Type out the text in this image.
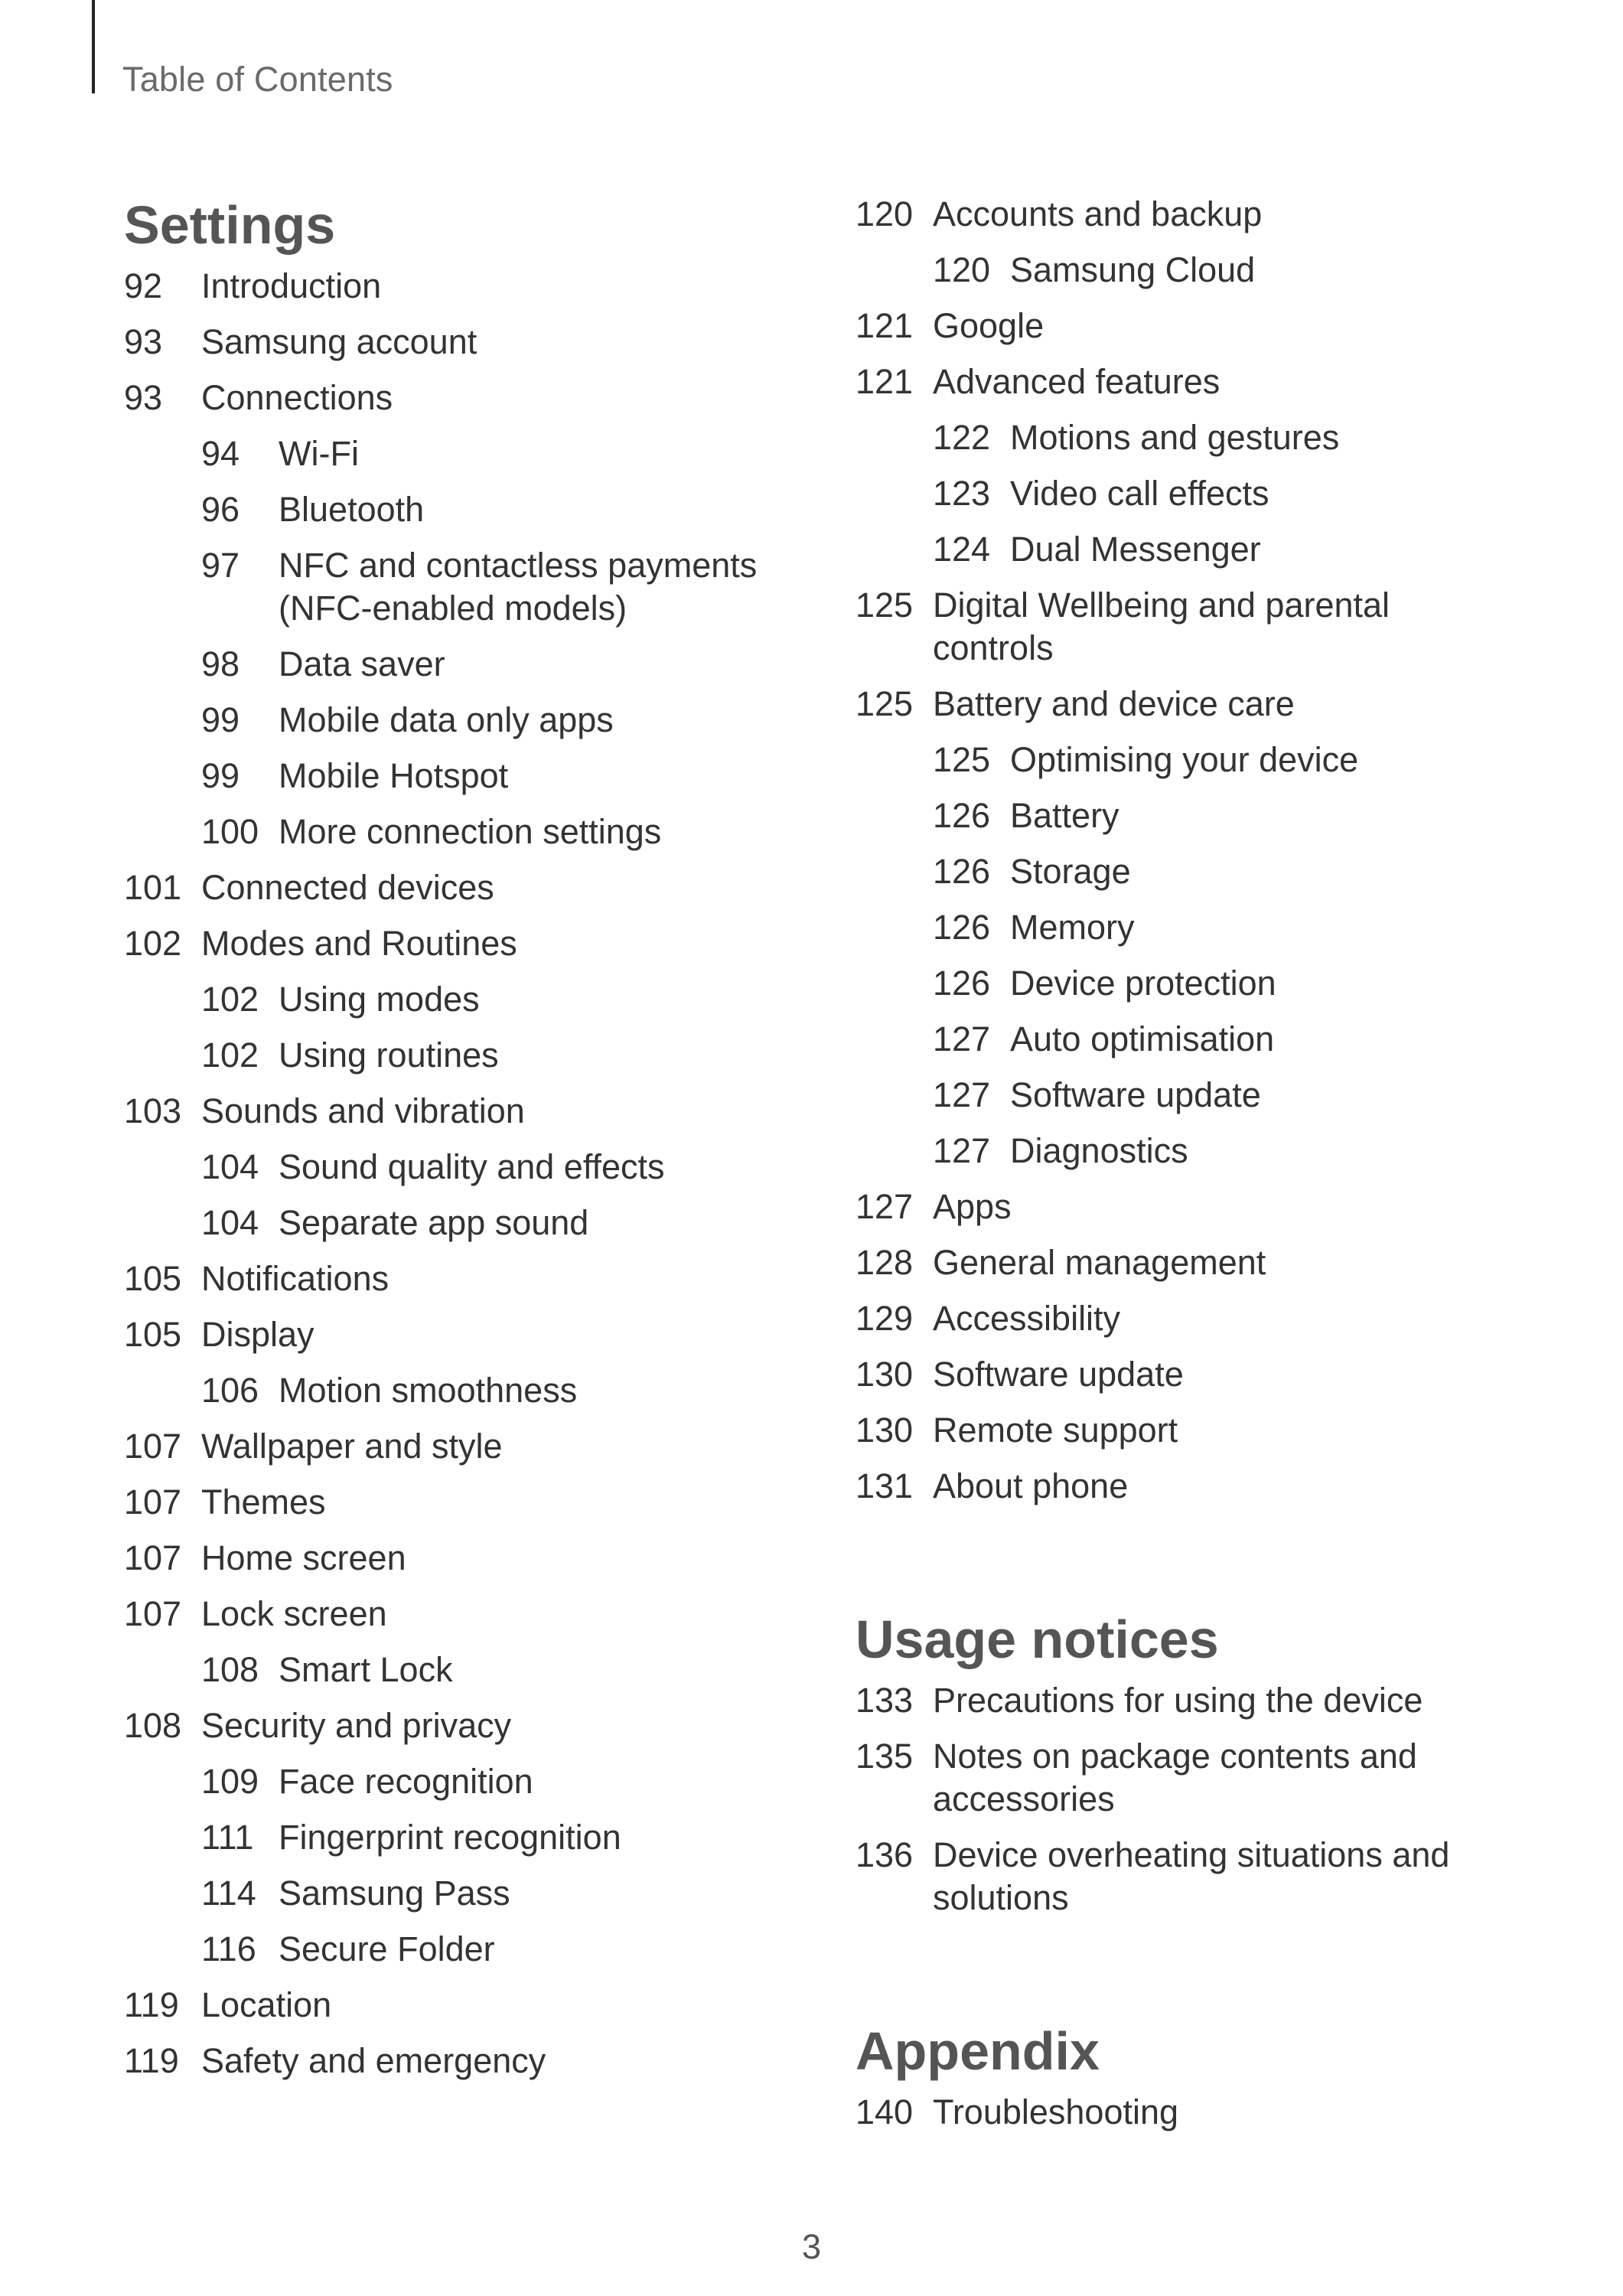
Table of Contents
Settings
92	Introduction
93	Samsung account
93	Connections
94	Wi-Fi
96	Bluetooth
97	NFC and contactless payments (NFC-enabled models)
98	Data saver
99	Mobile data only apps
99	Mobile Hotspot
100 More connection settings
101 Connected devices
102 Modes and Routines
102 Using modes
102 Using routines
103 Sounds and vibration
104 Sound quality and effects
104 Separate app sound
105 Notifications
105 Display
106 Motion smoothness
107 Wallpaper and style
107 Themes
107 Home screen
107 Lock screen
108 Smart Lock
108 Security and privacy
109 Face recognition
111 Fingerprint recognition
114 Samsung Pass
116 Secure Folder
119 Location
119 Safety and emergency
120 Accounts and backup
120 Samsung Cloud
121 Google
121 Advanced features
122 Motions and gestures
123 Video call effects
124 Dual Messenger
125 Digital Wellbeing and parental controls
125 Battery and device care
125 Optimising your device
126 Battery
126 Storage
126 Memory
126 Device protection
127 Auto optimisation
127 Software update
127 Diagnostics
127 Apps
128 General management
129 Accessibility
130 Software update
130 Remote support
131 About phone
Usage notices
133 Precautions for using the device
135 Notes on package contents and accessories
136 Device overheating situations and solutions
Appendix
140 Troubleshooting
3
